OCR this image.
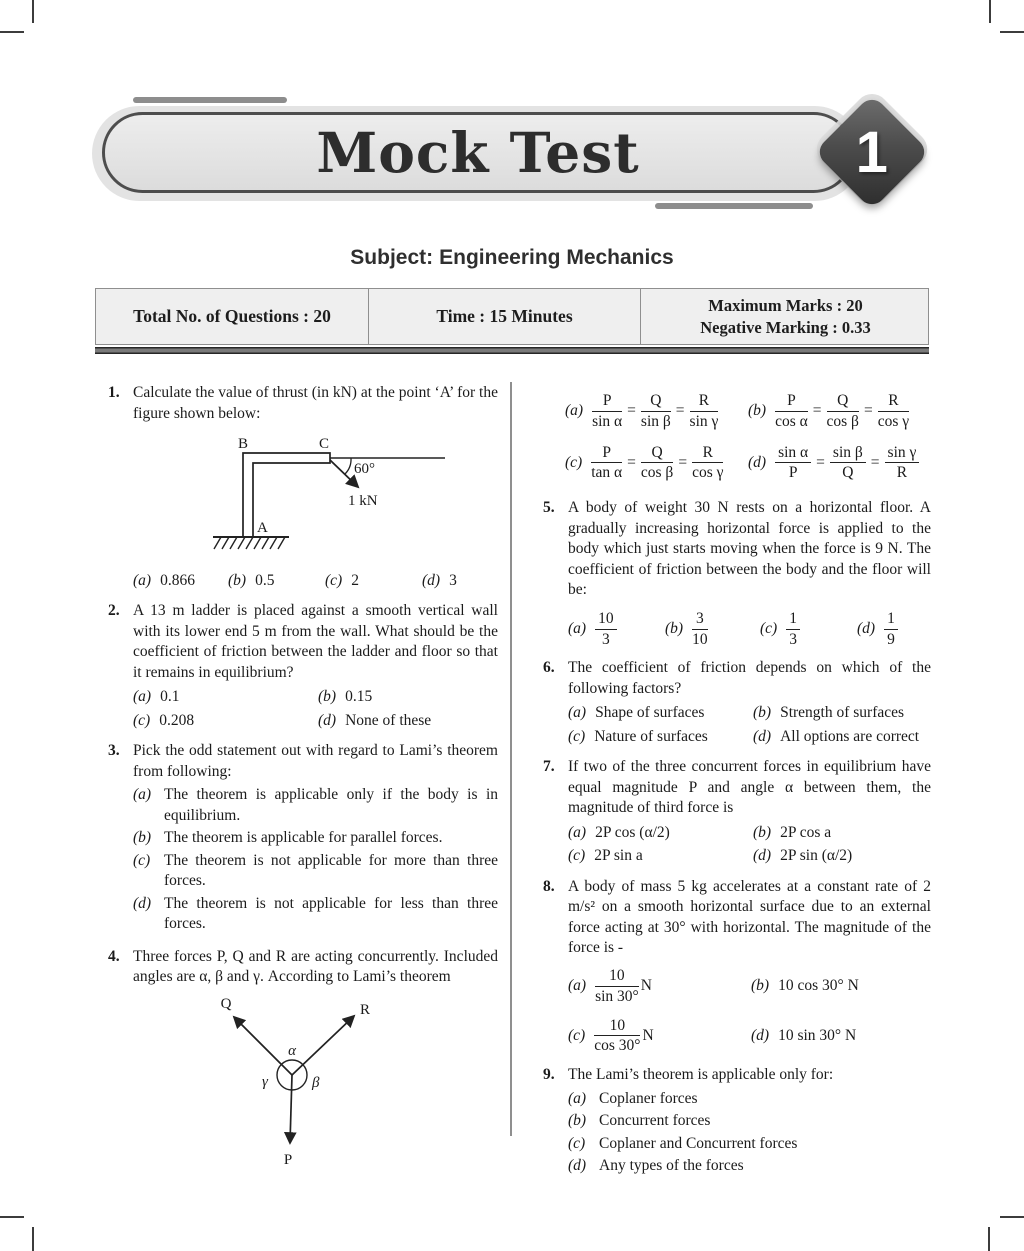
Mock Test	1
Subject: Engineering Mechanics
Total No. of Questions : 20	Time : 15 Minutes
Maximum Marks : 20
Negative Marking : 0.33
1. Calculate the value of thrust (in kN) at the point ‘A’ for the figure shown below:
B	C
A
60°
1 kN
(a) 0.866	(b) 0.5	(c) 2	(d) 3
2. A 13 m ladder is placed against a smooth vertical wall with its lower end 5 m from the wall. What should be the coefficient of friction between the ladder and floor so that it remains in equilibrium?
(a) 0.1	(b) 0.15
(c) 0.208	(d) None of these
3. Pick the odd statement out with regard to Lami’s theorem from following:
(a) The theorem is applicable only if the body is in equilibrium.
(b) The theorem is applicable for parallel forces.
(c) The theorem is not applicable for more than three forces.
(d) The theorem is not applicable for less than three forces.
4. Three forces P, Q and R are acting concurrently. Included angles are α, β and γ. According to Lami’s theorem
Q	R
P
α
β
γ
$(a) \frac{P}{\text{sin α}} = \frac{Q}{\text{sin β}} = \frac{R}{\text{sin γ}} (b) \frac{P}{\text{cos α}} = \frac{Q}{\text{cos β}} = \frac{R}{\text{cos γ}}$
$(c) \frac{P}{\text{tan α}} = \frac{Q}{\text{cos β}} = \frac{R}{\text{cos γ}} (d) \frac{\text{sin α}}{P} = \frac{\text{sin β}}{Q} = \frac{\text{sin γ}}{R}$
5. A body of weight 30 N rests on a horizontal floor. A gradually increasing horizontal force is applied to the body which just starts moving when the force is 9 N. The coefficient of friction between the body and the floor will be:
$(a) \frac{10}{3}$	$(b) \frac{3}{10}$	$(c) \frac{1}{3}$	$(d) \frac{1}{9}$
6. The coefficient of friction depends on which of the following factors?
(a) Shape of surfaces	(b) Strength of surfaces
(c) Nature of surfaces	(d) All options are correct
7. If two of the three concurrent forces in equilibrium have equal magnitude P and angle α between them, the magnitude of third force is
(a) 2P cos (α/2)	(b) 2P cos a
(c) 2P sin a	(d) 2P sin (α/2)
8. A body of mass 5 kg accelerates at a constant rate of 2 m/s² on a smooth horizontal surface due to an external force acting at 30° with horizontal. The magnitude of the force is -
$(a) \frac{10}{\sin 30^\circ}$ N	(b) 10 cos 30° N
$(c) \frac{10}{\cos 30^\circ}$ N	(d) 10 sin 30° N
9. The Lami’s theorem is applicable only for:
(a) Coplaner forces
(b) Concurrent forces
(c) Coplaner and Concurrent forces
(d) Any types of the forces
